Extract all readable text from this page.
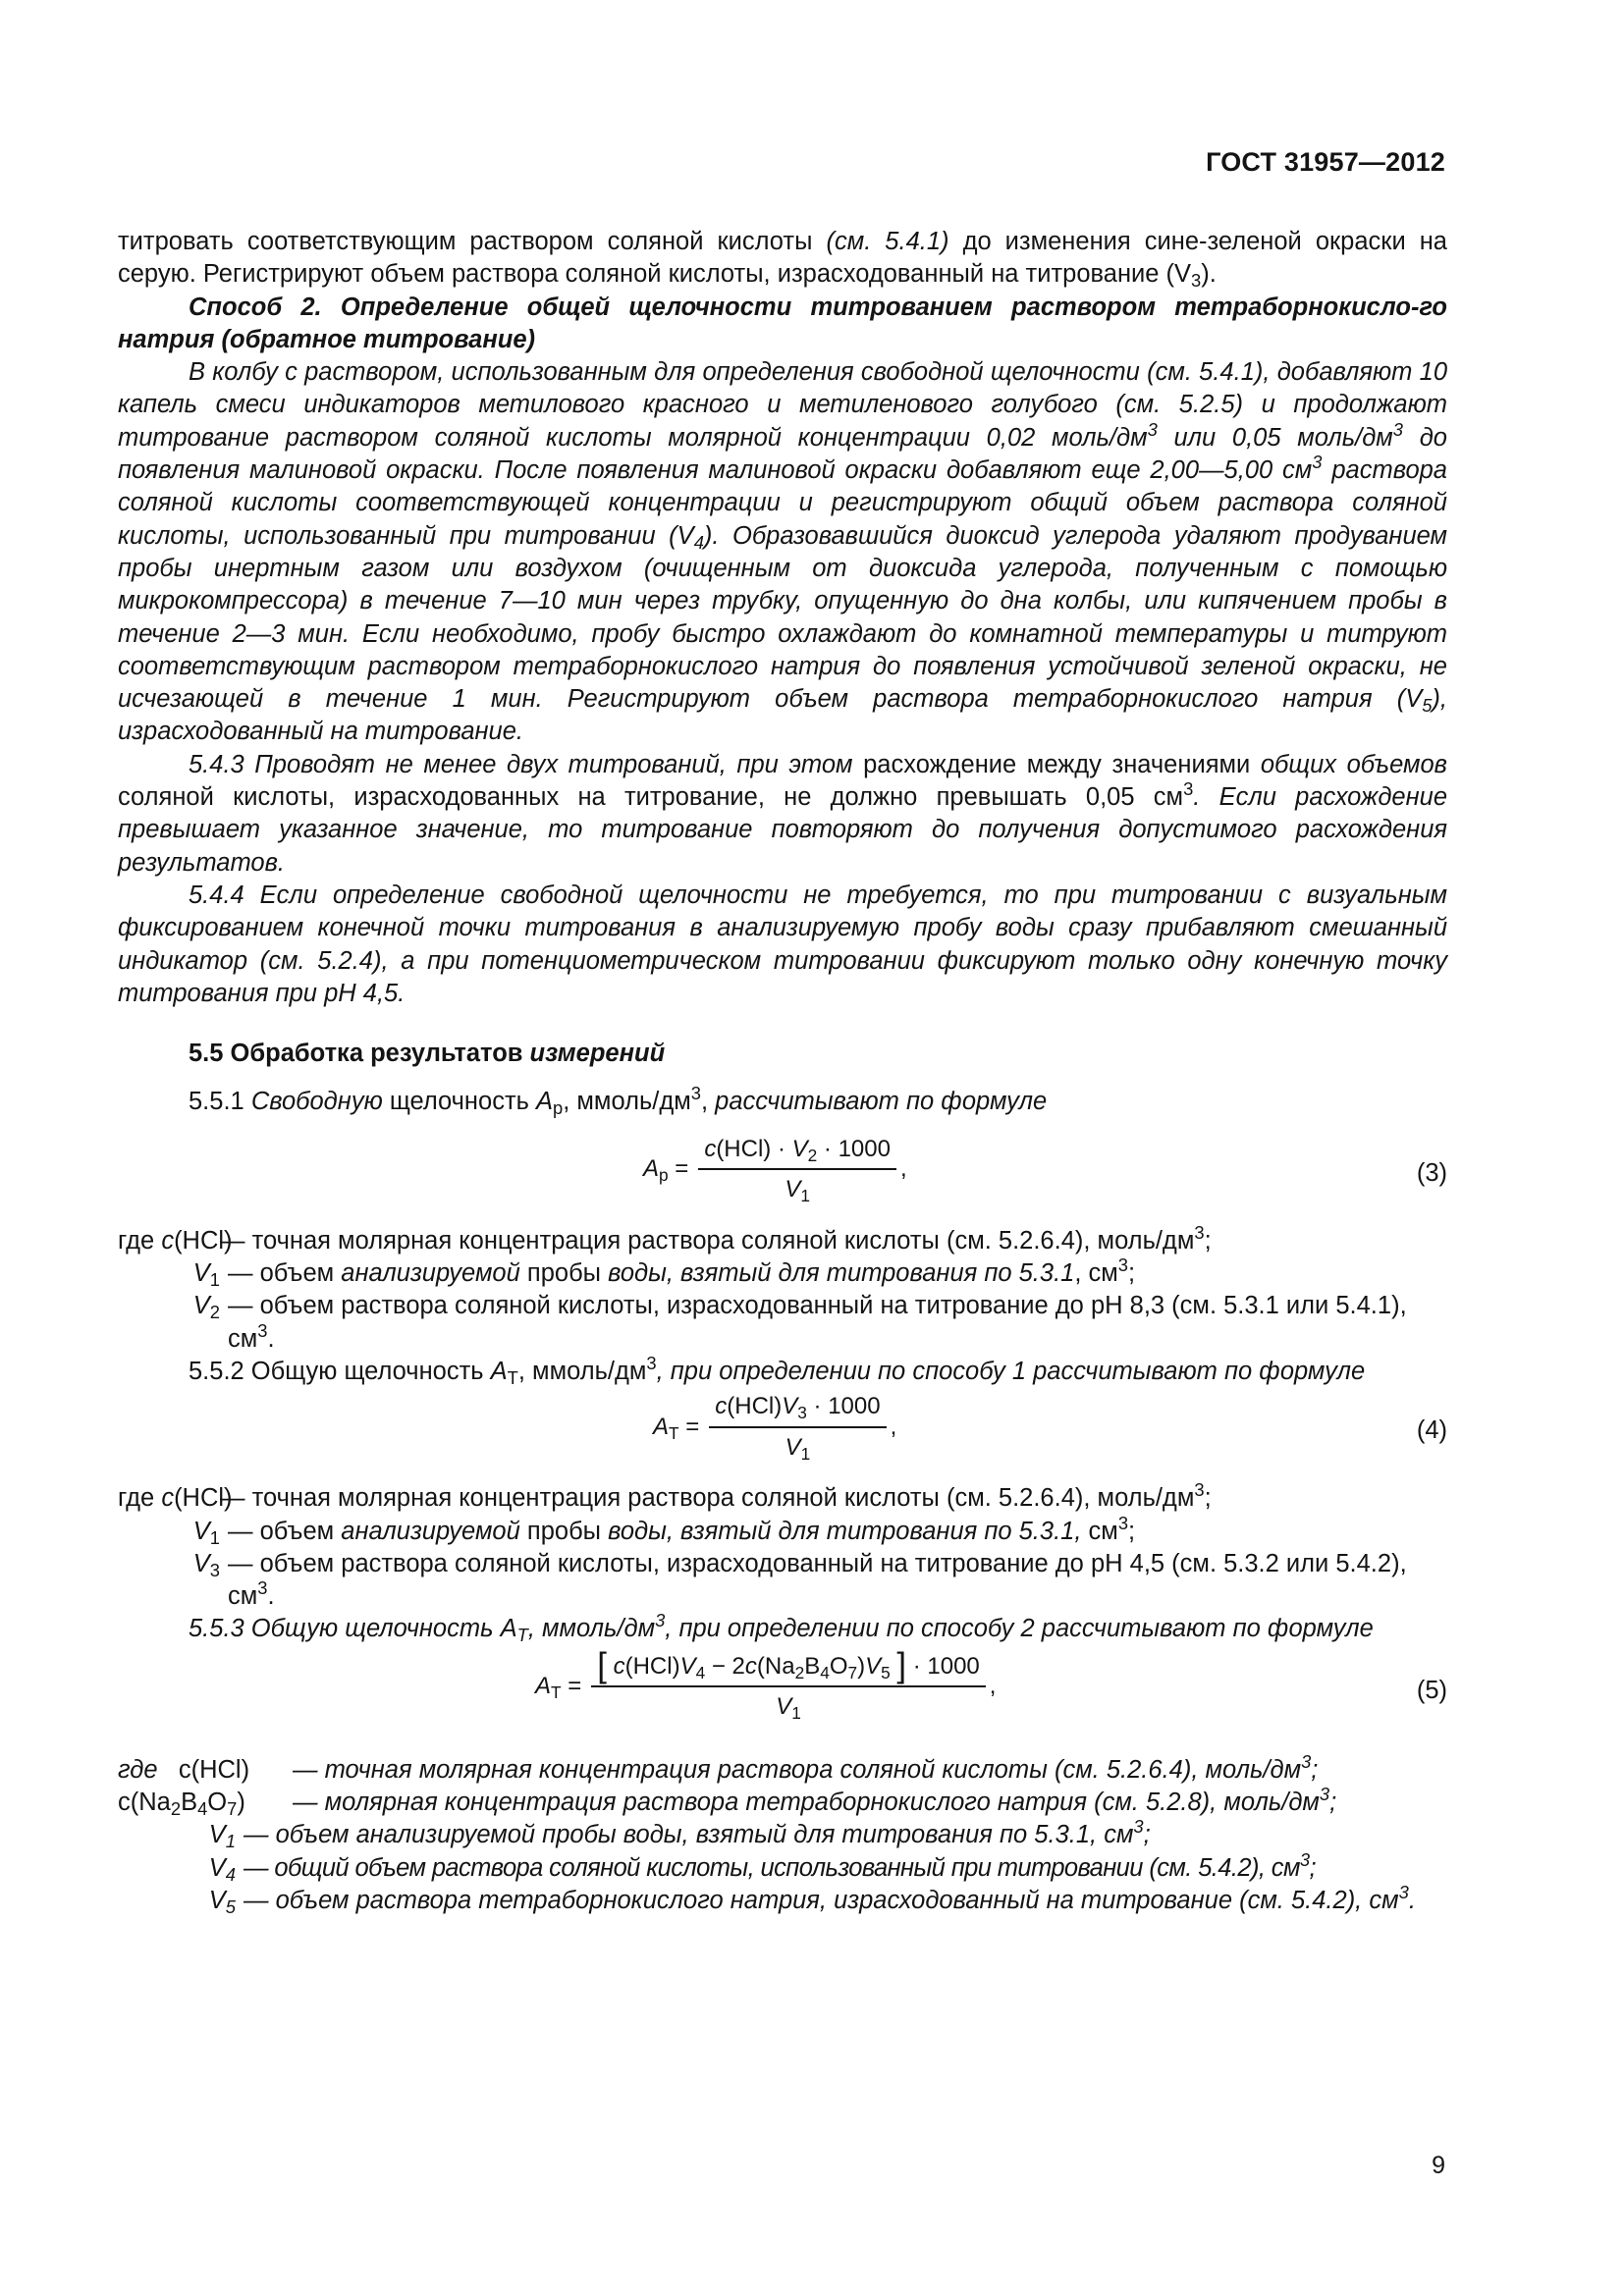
ГОСТ 31957—2012

титровать соответствующим раствором соляной кислоты (см. 5.4.1) до изменения сине-зеленой окраски на серую. Регистрируют объем раствора соляной кислоты, израсходованный на титрование $(V_3)$.

Способ 2. Определение общей щелочности титрованием раствором тетраборнокисло-го натрия (обратное титрование)

В колбу с раствором, использованным для определения свободной щелочности (см. 5.4.1), добавляют 10 капель смеси индикаторов метилового красного и метиленового голубого (см. 5.2.5) и продолжают титрование раствором соляной кислоты молярной концентрации 0,02 моль/$дм^3$ или 0,05 моль/$дм^3$ до появления малиновой окраски. После появления малиновой окраски добавляют еще 2,00—5,00 $см^3$ раствора соляной кислоты соответствующей концентрации и регистрируют общий объем раствора соляной кислоты, использованный при титровании $(V_4)$. Образовавшийся диоксид углерода удаляют продуванием пробы инертным газом или воздухом (очищенным от диоксида углерода, полученным с помощью микрокомпрессора) в течение 7—10 мин через трубку, опущенную до дна колбы, или кипячением пробы в течение 2—3 мин. Если необходимо, пробу быстро охлаждают до комнатной температуры и титруют соответствующим раствором тетраборнокислого натрия до появления устойчивой зеленой окраски, не исчезающей в течение 1 мин. Регистрируют объем раствора тетраборнокислого натрия $(V_5)$, израсходованный на титрование.

5.4.3 Проводят не менее двух титрований, при этом расхождение между значениями общих объемов соляной кислоты, израсходованных на титрование, не должно превышать 0,05 $см^3$. Если расхождение превышает указанное значение, то титрование повторяют до получения допустимого расхождения результатов.

5.4.4 Если определение свободной щелочности не требуется, то при титровании с визуальным фиксированием конечной точки титрования в анализируемую пробу воды сразу прибавляют смешанный индикатор (см. 5.2.4), а при потенциометрическом титровании фиксируют только одну конечную точку титрования при pH 4,5.

5.5 Обработка результатов измерений

5.5.1 Свободную щелочность $A_р$, ммоль/$дм^3$, рассчитывают по формуле

$A_р = \frac{c(HCl) \cdot V_2 \cdot 1000}{V_1}$ ,	(3)
где c(HCl)
— точная молярная концентрация раствора соляной кислоты (см. 5.2.6.4), моль/$дм^3$;
$V_1$ — объем анализируемой пробы воды, взятый для титрования по 5.3.1, $см^3$;
$V_2$ — объем раствора соляной кислоты, израсходованный на титрование до pH 8,3 (см. 5.3.1 или 5.4.1), $см^3$.

5.5.2 Общую щелочность $A_Т$, ммоль/$дм^3$, при определении по способу 1 рассчитывают по формуле

$A_Т = \frac{c(HCl)V_3 \cdot 1000}{V_1}$ ,	(4)
где c(HCl)
— точная молярная концентрация раствора соляной кислоты (см. 5.2.6.4), моль/$дм^3$;
$V_1$ — объем анализируемой пробы воды, взятый для титрования по 5.3.1, $см^3$;
$V_3$ — объем раствора соляной кислоты, израсходованный на титрование до pH 4,5 (см. 5.3.2 или 5.4.2), $см^3$.

5.5.3 Общую щелочность $A_Т$, ммоль/$дм^3$, при определении по способу 2 рассчитывают по формуле

$A_Т = \frac{[ c(HCl)V_4 - 2c(Na_2B_4O_7)V_5 ] \cdot 1000}{V_1}$ ,	(5)
где   c(HCl)	— точная молярная концентрация раствора соляной кислоты (см. 5.2.6.4), моль/$дм^3$;
$c(Na_2B_4O_7)$	— молярная концентрация раствора тетраборнокислого натрия (см. 5.2.8), моль/$дм^3$;
$V_1$ — объем анализируемой пробы воды, взятый для титрования по 5.3.1, $см^3$;
$V_4$ — общий объем раствора соляной кислоты, использованный при титровании (см. 5.4.2), $см^3$;
$V_5$ — объем раствора тетраборнокислого натрия, израсходованный на титрование (см. 5.4.2), $см^3$.
9
